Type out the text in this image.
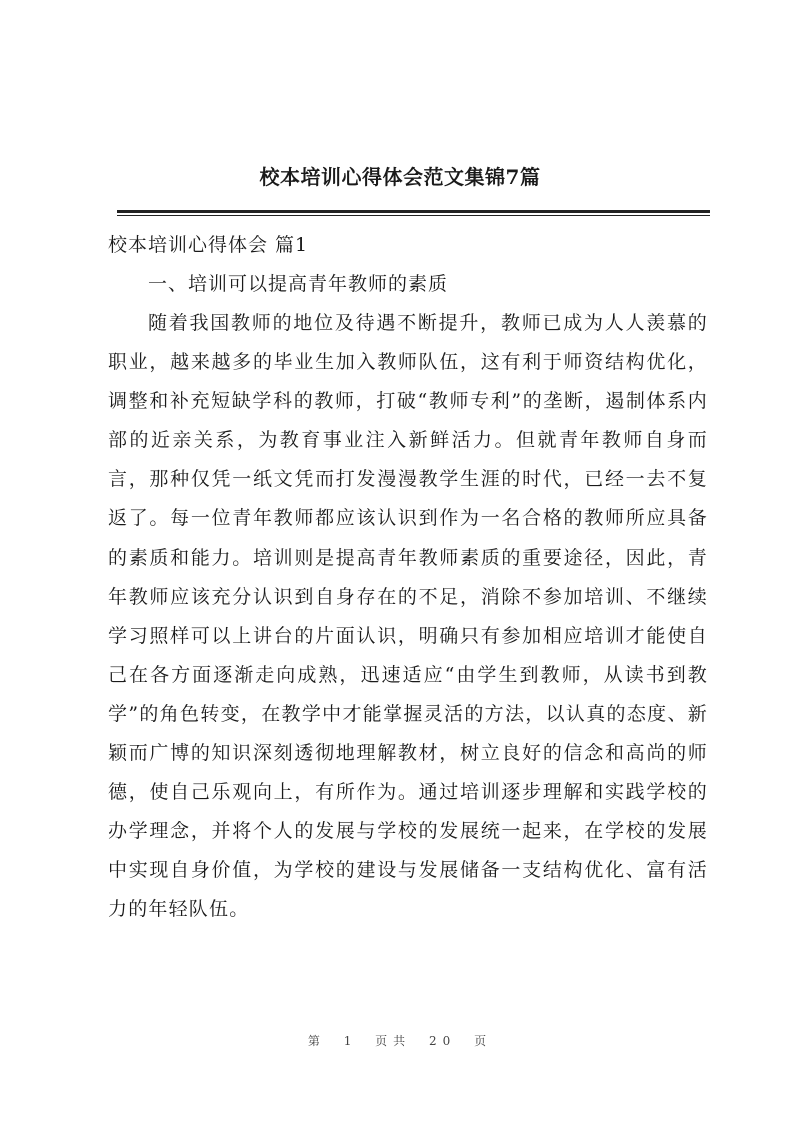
校本培训心得体会范文集锦7篇

校本培训心得体会 篇1

一、培训可以提高青年教师的素质

随着我国教师的地位及待遇不断提升，教师已成为人人羡慕的职业，越来越多的毕业生加入教师队伍，这有利于师资结构优化，调整和补充短缺学科的教师，打破“教师专利”的垄断，遏制体系内部的近亲关系，为教育事业注入新鲜活力。但就青年教师自身而言，那种仅凭一纸文凭而打发漫漫教学生涯的时代，已经一去不复返了。每一位青年教师都应该认识到作为一名合格的教师所应具备的素质和能力。培训则是提高青年教师素质的重要途径，因此，青年教师应该充分认识到自身存在的不足，消除不参加培训、不继续学习照样可以上讲台的片面认识，明确只有参加相应培训才能使自己在各方面逐渐走向成熟，迅速适应“由学生到教师，从读书到教学”的角色转变，在教学中才能掌握灵活的方法，以认真的态度、新颖而广博的知识深刻透彻地理解教材，树立良好的信念和高尚的师德，使自己乐观向上，有所作为。通过培训逐步理解和实践学校的办学理念，并将个人的发展与学校的发展统一起来，在学校的发展中实现自身价值，为学校的建设与发展储备一支结构优化、富有活力的年轻队伍。

第 1 页共 20 页
